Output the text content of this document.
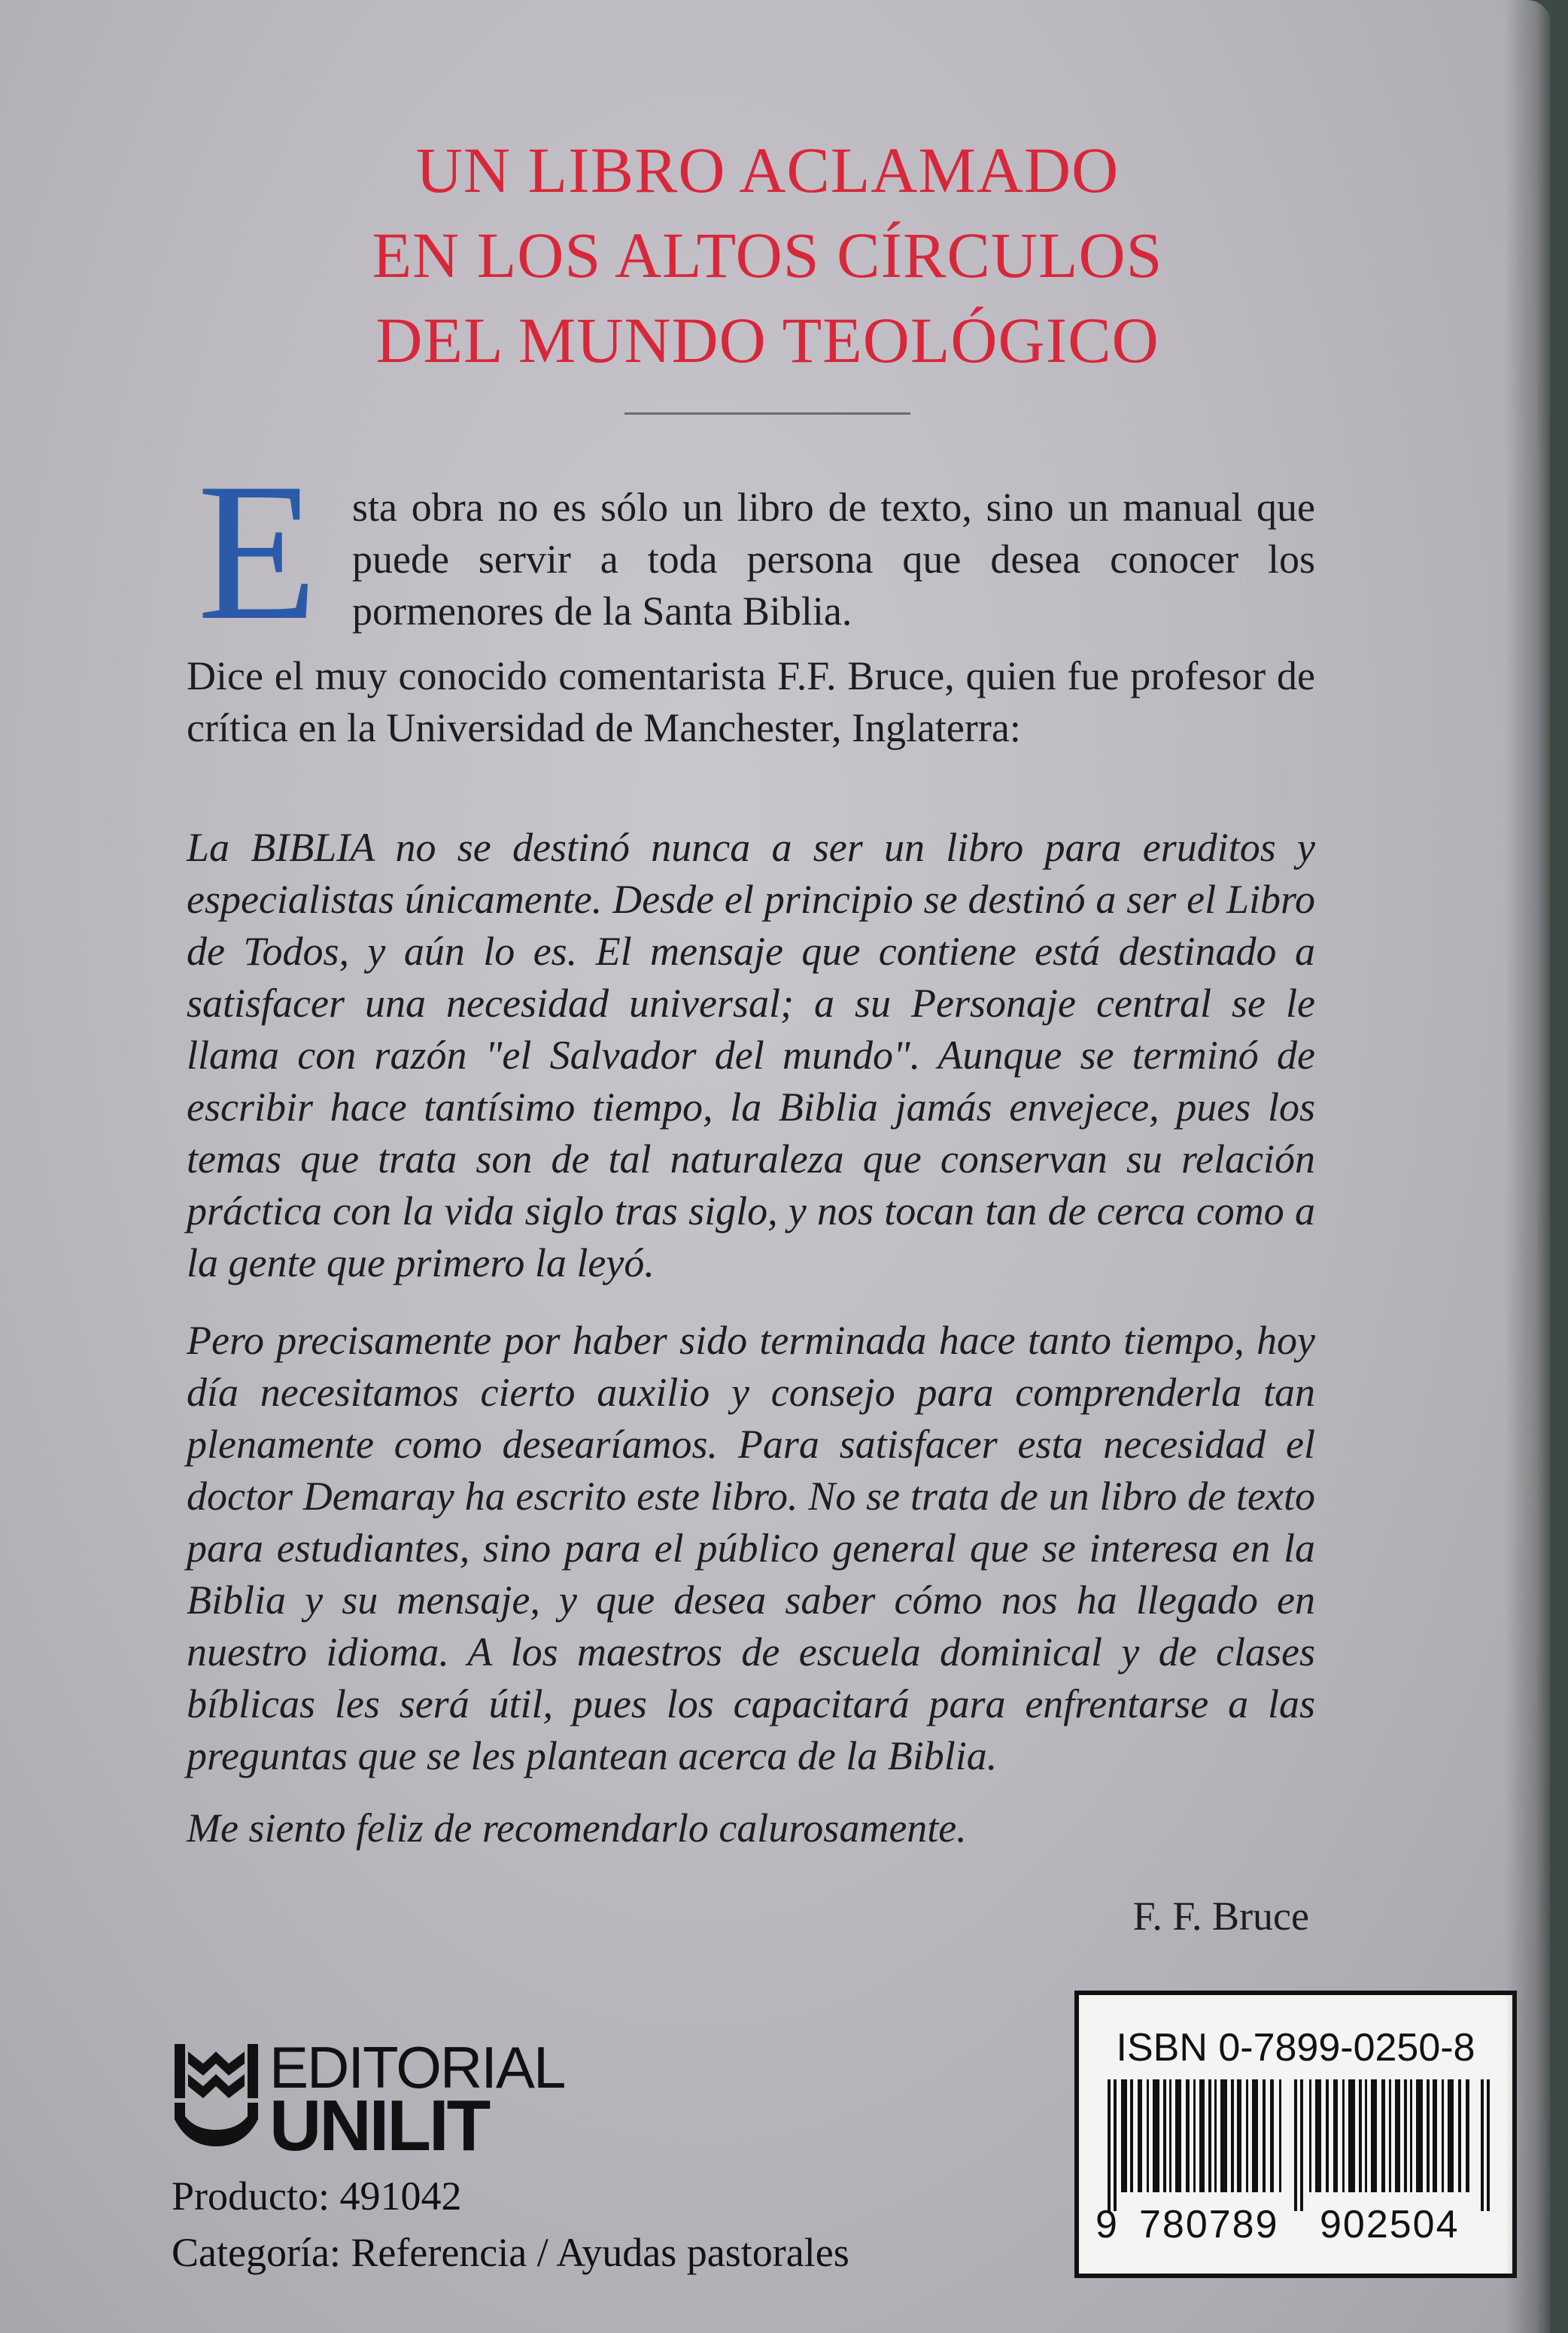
UN LIBRO ACLAMADO
EN LOS ALTOS CÍRCULOS
DEL MUNDO TEOLÓGICO
E sta obra no es sólo un libro de texto, sino un manual que puede servir a toda persona que desea conocer los pormenores de la Santa Biblia.

Dice el muy conocido comentarista F.F. Bruce, quien fue profesor de crítica en la Universidad de Manchester, Inglaterra:

La BIBLIA no se destinó nunca a ser un libro para eruditos y especialistas únicamente. Desde el principio se destinó a ser el Libro de Todos, y aún lo es. El mensaje que contiene está destinado a satisfacer una necesidad universal; a su Personaje central se le llama con razón "el Salvador del mundo". Aunque se terminó de escribir hace tantísimo tiempo, la Biblia jamás envejece, pues los temas que trata son de tal naturaleza que conservan su relación práctica con la vida siglo tras siglo, y nos tocan tan de cerca como a la gente que primero la leyó.

Pero precisamente por haber sido terminada hace tanto tiempo, hoy día necesitamos cierto auxilio y consejo para comprenderla tan plenamente como desearíamos. Para satisfacer esta necesidad el doctor Demaray ha escrito este libro. No se trata de un libro de texto para estudiantes, sino para el público general que se interesa en la Biblia y su mensaje, y que desea saber cómo nos ha llegado en nuestro idioma. A los maestros de escuela dominical y de clases bíblicas les será útil, pues los capacitará para enfrentarse a las preguntas que se les plantean acerca de la Biblia.

Me siento feliz de recomendarlo calurosamente.

F. F. Bruce
EDITORIAL
UNILIT
Producto: 491042
Categoría: Referencia / Ayudas pastorales
ISBN 0-7899-0250-8
9 780789 902504
